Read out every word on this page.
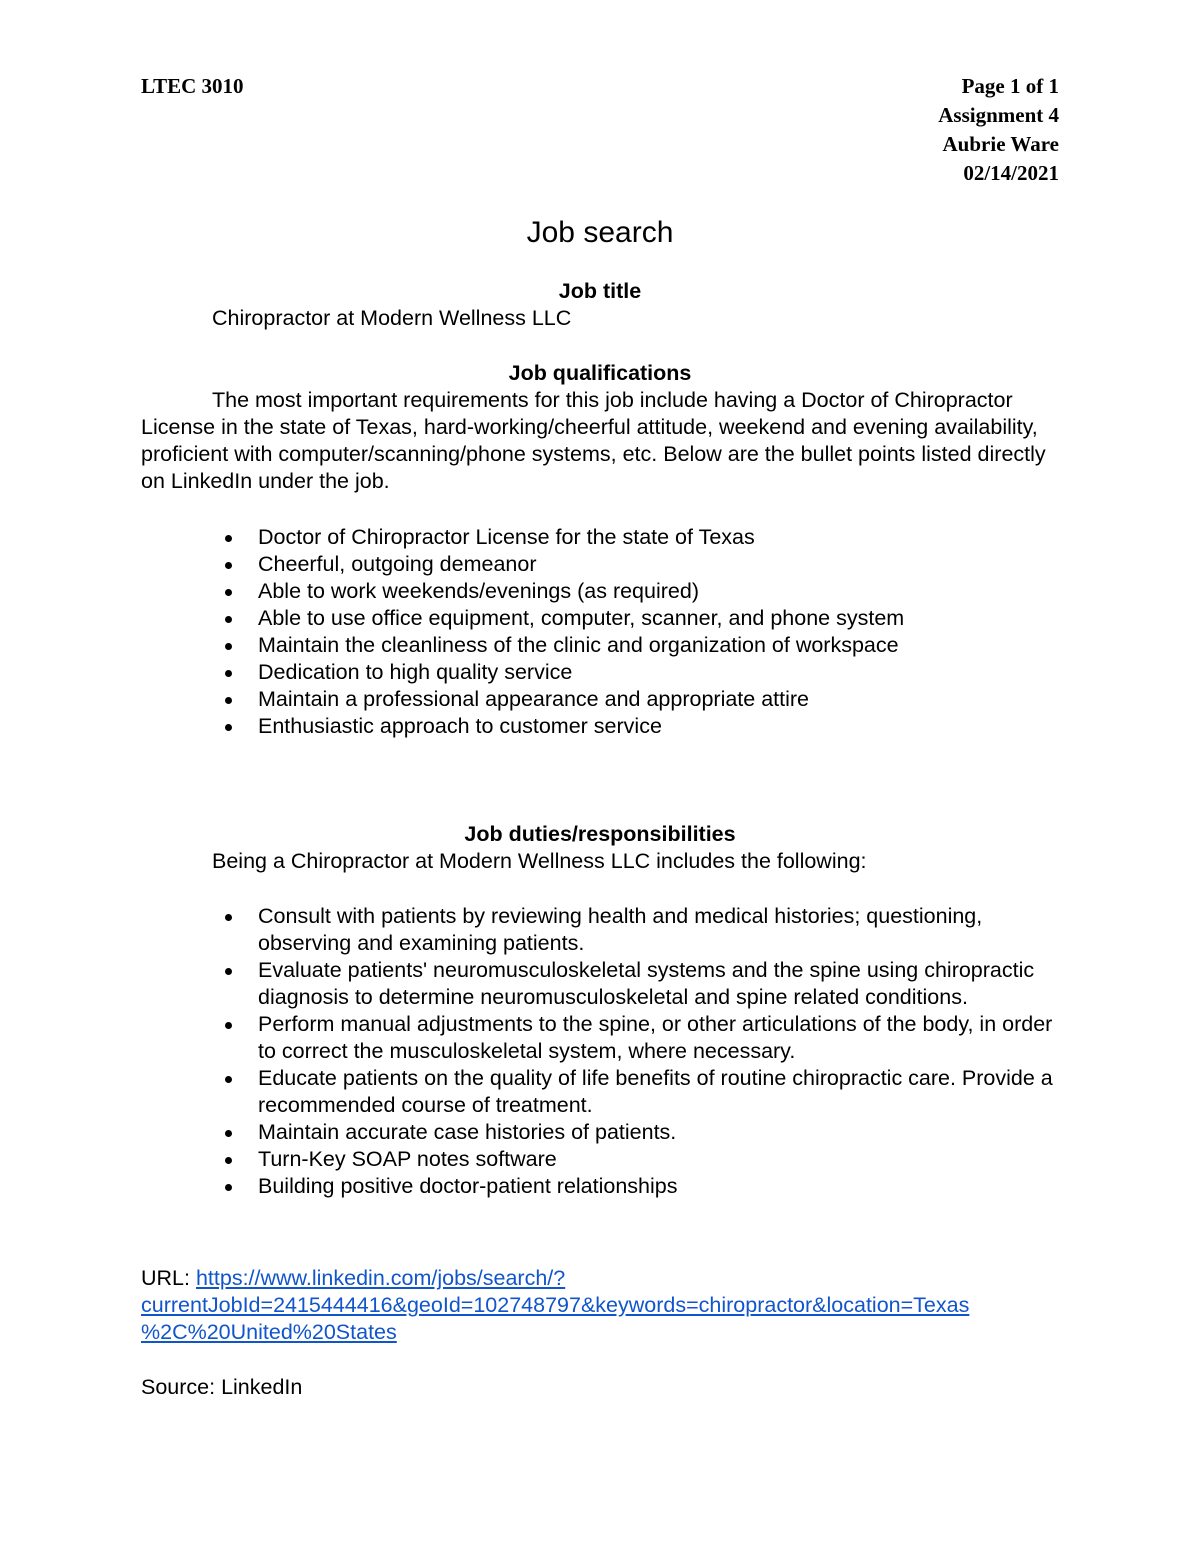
LTEC 3010	Page 1 of 1
Assignment 4
Aubrie Ware
02/14/2021
Job search
Job title
Chiropractor at Modern Wellness LLC
Job qualifications
The most important requirements for this job include having a Doctor of Chiropractor License in the state of Texas, hard-working/cheerful attitude, weekend and evening availability, proficient with computer/scanning/phone systems, etc. Below are the bullet points listed directly on LinkedIn under the job.
Doctor of Chiropractor License for the state of Texas
Cheerful, outgoing demeanor
Able to work weekends/evenings (as required)
Able to use office equipment, computer, scanner, and phone system
Maintain the cleanliness of the clinic and organization of workspace
Dedication to high quality service
Maintain a professional appearance and appropriate attire
Enthusiastic approach to customer service
Job duties/responsibilities
Being a Chiropractor at Modern Wellness LLC includes the following:
Consult with patients by reviewing health and medical histories; questioning, observing and examining patients.
Evaluate patients' neuromusculoskeletal systems and the spine using chiropractic diagnosis to determine neuromusculoskeletal and spine related conditions.
Perform manual adjustments to the spine, or other articulations of the body, in order to correct the musculoskeletal system, where necessary.
Educate patients on the quality of life benefits of routine chiropractic care. Provide a recommended course of treatment.
Maintain accurate case histories of patients.
Turn-Key SOAP notes software
Building positive doctor-patient relationships
URL: https://www.linkedin.com/jobs/search/?
currentJobId=2415444416&geoId=102748797&keywords=chiropractor&location=Texas
%2C%20United%20States
Source: LinkedIn
